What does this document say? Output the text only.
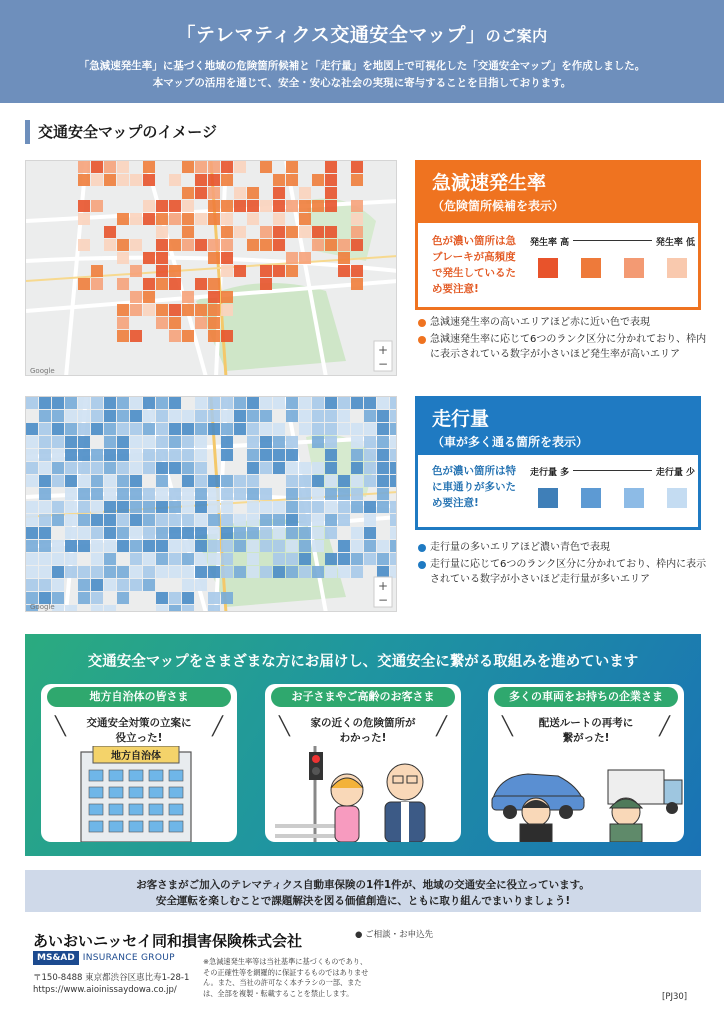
「テレマティクス交通安全マップ」のご案内
「急減速発生率」に基づく地域の危険箇所候補と「走行量」を地図上で可視化した「交通安全マップ」を作成しました。
本マップの活用を通じて、安全・安心な社会の実現に寄与することを目指しております。
交通安全マップのイメージ
+
−
Google
急減速発生率
（危険箇所候補を表示）
色が濃い箇所は急ブレーキが高頻度で発生しているため要注意!
発生率 高	発生率 低
急減速発生率の高いエリアほど赤に近い色で表現
急減速発生率に応じて6つのランク区分に分かれており、枠内に表示されている数字が小さいほど発生率が高いエリア
+
−
Google
走行量
（車が多く通る箇所を表示）
色が濃い箇所は特に車通りが多いため要注意!
走行量 多	走行量 少
走行量の多いエリアほど濃い青色で表現
走行量に応じて6つのランク区分に分かれており、枠内に表示されている数字が小さいほど走行量が多いエリア
交通安全マップをさまざまな方にお届けし、交通安全に繋がる取組みを進めています
地方自治体の皆さま
╲	╱
交通安全対策の立案に
役立った!
地方自治体
お子さまやご高齢のお客さま
╲	╱
家の近くの危険箇所が
わかった!
多くの車両をお持ちの企業さま
╲	╱
配送ルートの再考に
繋がった!
お客さまがご加入のテレマティクス自動車保険の1件1件が、地域の交通安全に役立っています。
安全運転を楽しむことで課題解決を図る価値創造に、ともに取り組んでまいりましょう!
あいおいニッセイ同和損害保険株式会社
MS&AD INSURANCE GROUP
〒150-8488 東京都渋谷区恵比寿1-28-1
https://www.aioinissaydowa.co.jp/
※急減速発生率等は当社基準に基づくものであり、その正確性等を網羅的に保証するものではありません。また、当社の許可なく本チラシの一部、または、全部を複製・転載することを禁止します。
● ご相談・お申込先
[PJ30]
